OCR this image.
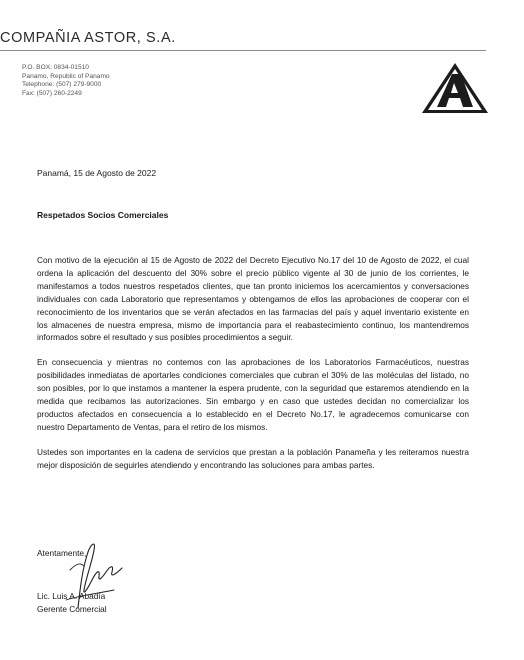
COMPAÑIA ASTOR, S.A.
P.O. BOX: 0834-01510
Panamo, Republic of Panamo
Telephone: (507) 279-9000
Fax: (507) 260-2249
Panamá, 15 de Agosto de 2022
Respetados Socios Comerciales

Con motivo de la ejecución al 15 de Agosto de 2022 del Decreto Ejecutivo No.17 del 10 de Agosto de 2022, el cual ordena la aplicación del descuento del 30% sobre el precio público vigente al 30 de junio de los corrientes, le manifestamos a todos nuestros respetados clientes, que tan pronto iniciemos los acercamientos y conversaciones individuales con cada Laboratorio que representamos y obtengamos de ellos las aprobaciones de cooperar con el reconocimiento de los inventarios que se verán afectados en las farmacias del país y aquel inventario existente en los almacenes de nuestra empresa, mismo de importancia para el reabastecimiento continuo, los mantendremos informados sobre el resultado y sus posibles procedimientos a seguir.

En consecuencia y mientras no contemos con las aprobaciones de los Laboratorios Farmacéuticos, nuestras posibilidades inmediatas de aportarles condiciones comerciales que cubran el 30% de las moléculas del listado, no son posibles, por lo que instamos a mantener la espera prudente, con la seguridad que estaremos atendiendo en la medida que recibamos las autorizaciones. Sin embargo y en caso que ustedes decidan no comercializar los productos afectados en consecuencia a lo establecido en el Decreto No.17, le agradecemos comunicarse con nuestro Departamento de Ventas, para el retiro de los mismos.

Ustedes son importantes en la cadena de servicios que prestan a la población Panameña y les reiteramos nuestra mejor disposición de seguirles atendiendo y encontrando las soluciones para ambas partes.

Atentamente,
Lic. Luis A. Abadía
Gerente Comercial
